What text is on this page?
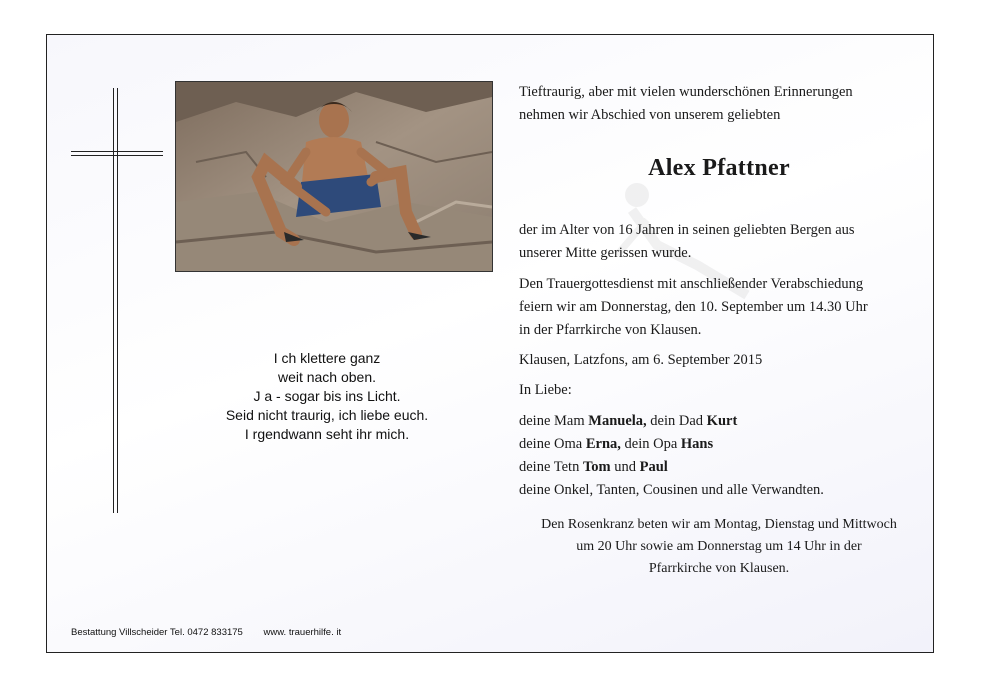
I ch klettere ganz
weit nach oben.
J a - sogar bis ins Licht.
Seid nicht traurig, ich liebe euch.
I rgendwann seht ihr mich.

Tieftraurig, aber mit vielen wunderschönen Erinnerungen

nehmen wir Abschied von unserem geliebten

der im Alter von 16 Jahren in seinen geliebten Bergen aus

unserer Mitte gerissen wurde.

Den Trauergottesdienst mit anschließender Verabschiedung

feiern wir am Donnerstag, den 10. September um 14.30 Uhr

in der Pfarrkirche von Klausen.

Klausen, Latzfons, am 6. September 2015

In Liebe:

deine Mam Manuela, dein Dad Kurt

deine Oma Erna, dein Opa Hans

deine Tetn Tom und Paul

deine Onkel, Tanten, Cousinen und alle Verwandten.

Den Rosenkranz beten wir am Montag, Dienstag und Mittwoch

um 20 Uhr sowie am Donnerstag um 14 Uhr in der

Pfarrkirche von Klausen.

Alex Pfattner
Bestattung Villscheider Tel. 0472 833175 www. trauerhilfe. it
